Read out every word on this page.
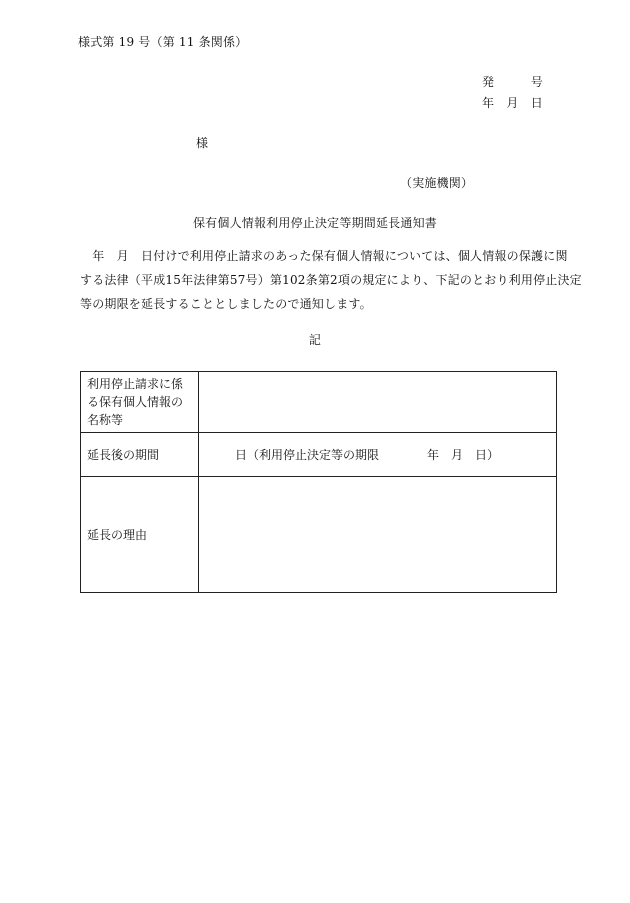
様式第 19 号（第 11 条関係）
発　　　号
年　月　日
様
（実施機関）
保有個人情報利用停止決定等期間延長通知書
　年　月　日付けで利用停止請求のあった保有個人情報については、個人情報の保護に関
する法律（平成15年法律第57号）第102条第2項の規定により、下記のとおり利用停止決定
等の期限を延長することとしましたので通知します。
記
利用停止請求に係る保有個人情報の名称等	
延長後の期間	日（利用停止決定等の期限　　　　年　月　日）
延長の理由	
